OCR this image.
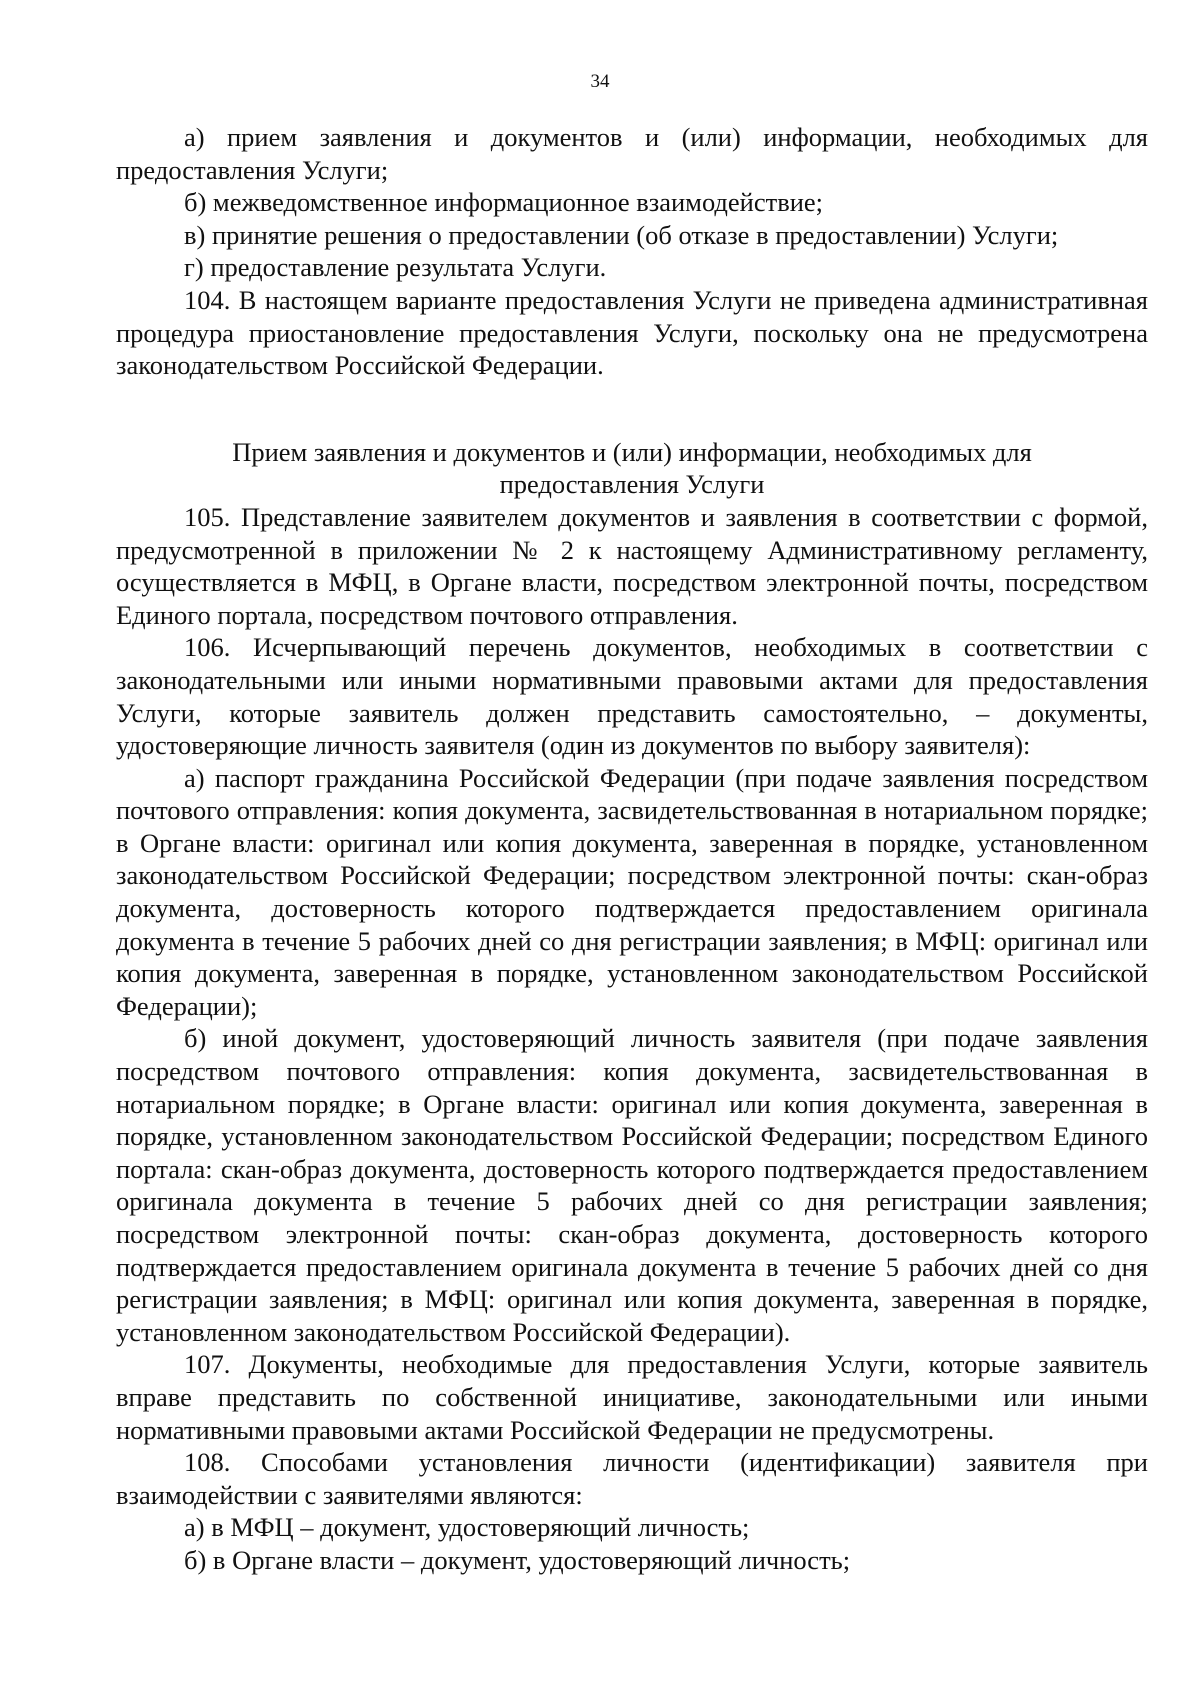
34

а) прием заявления и документов и (или) информации, необходимых для предоставления Услуги;

б) межведомственное информационное взаимодействие;

в) принятие решения о предоставлении (об отказе в предоставлении) Услуги;

г) предоставление результата Услуги.

104. В настоящем варианте предоставления Услуги не приведена административная процедура приостановление предоставления Услуги, поскольку она не предусмотрена законодательством Российской Федерации.

Прием заявления и документов и (или) информации, необходимых для предоставления Услуги

105. Представление заявителем документов и заявления в соответствии с формой, предусмотренной в приложении № 2 к настоящему Административному регламенту, осуществляется в МФЦ, в Органе власти, посредством электронной почты, посредством Единого портала, посредством почтового отправления.

106. Исчерпывающий перечень документов, необходимых в соответствии с законодательными или иными нормативными правовыми актами для предоставления Услуги, которые заявитель должен представить самостоятельно, – документы, удостоверяющие личность заявителя (один из документов по выбору заявителя):

а) паспорт гражданина Российской Федерации (при подаче заявления посредством почтового отправления: копия документа, засвидетельствованная в нотариальном порядке; в Органе власти: оригинал или копия документа, заверенная в порядке, установленном законодательством Российской Федерации; посредством электронной почты: скан-образ документа, достоверность которого подтверждается предоставлением оригинала документа в течение 5 рабочих дней со дня регистрации заявления; в МФЦ: оригинал или копия документа, заверенная в порядке, установленном законодательством Российской Федерации);

б) иной документ, удостоверяющий личность заявителя (при подаче заявления посредством почтового отправления: копия документа, засвидетельствованная в нотариальном порядке; в Органе власти: оригинал или копия документа, заверенная в порядке, установленном законодательством Российской Федерации; посредством Единого портала: скан-образ документа, достоверность которого подтверждается предоставлением оригинала документа в течение 5 рабочих дней со дня регистрации заявления; посредством электронной почты: скан-образ документа, достоверность которого подтверждается предоставлением оригинала документа в течение 5 рабочих дней со дня регистрации заявления; в МФЦ: оригинал или копия документа, заверенная в порядке, установленном законодательством Российской Федерации).

107. Документы, необходимые для предоставления Услуги, которые заявитель вправе представить по собственной инициативе, законодательными или иными нормативными правовыми актами Российской Федерации не предусмотрены.

108. Способами установления личности (идентификации) заявителя при взаимодействии с заявителями являются:

а) в МФЦ – документ, удостоверяющий личность;

б) в Органе власти – документ, удостоверяющий личность;
